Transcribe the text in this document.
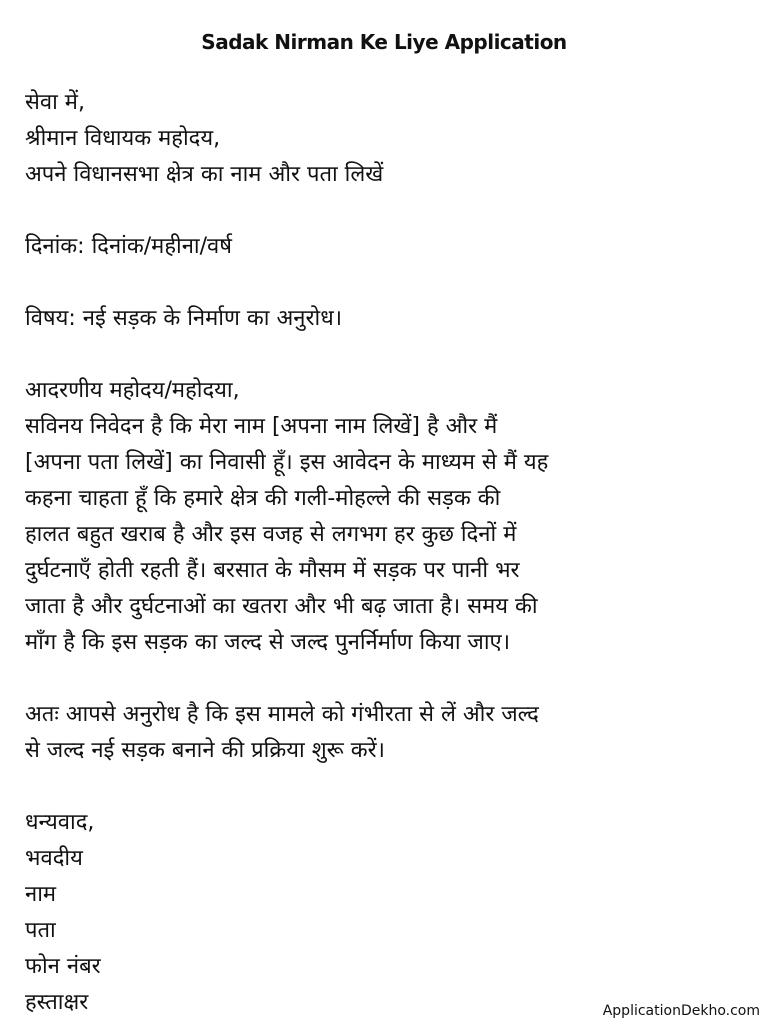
Sadak Nirman Ke Liye Application
सेवा में,
श्रीमान विधायक महोदय,
अपने विधानसभा क्षेत्र का नाम और पता लिखें
दिनांक: दिनांक/महीना/वर्ष
विषय: नई सड़क के निर्माण का अनुरोध।
आदरणीय महोदय/महोदया,
सविनय निवेदन है कि मेरा नाम [अपना नाम लिखें] है और मैं
[अपना पता लिखें] का निवासी हूँ। इस आवेदन के माध्यम से मैं यह
कहना चाहता हूँ कि हमारे क्षेत्र की गली-मोहल्ले की सड़क की
हालत बहुत खराब है और इस वजह से लगभग हर कुछ दिनों में
दुर्घटनाएँ होती रहती हैं। बरसात के मौसम में सड़क पर पानी भर
जाता है और दुर्घटनाओं का खतरा और भी बढ़ जाता है। समय की
माँग है कि इस सड़क का जल्द से जल्द पुनर्निर्माण किया जाए।
अतः आपसे अनुरोध है कि इस मामले को गंभीरता से लें और जल्द
से जल्द नई सड़क बनाने की प्रक्रिया शुरू करें।
धन्यवाद,
भवदीय
नाम
पता
फोन नंबर
हस्ताक्षर	ApplicationDekho.com
